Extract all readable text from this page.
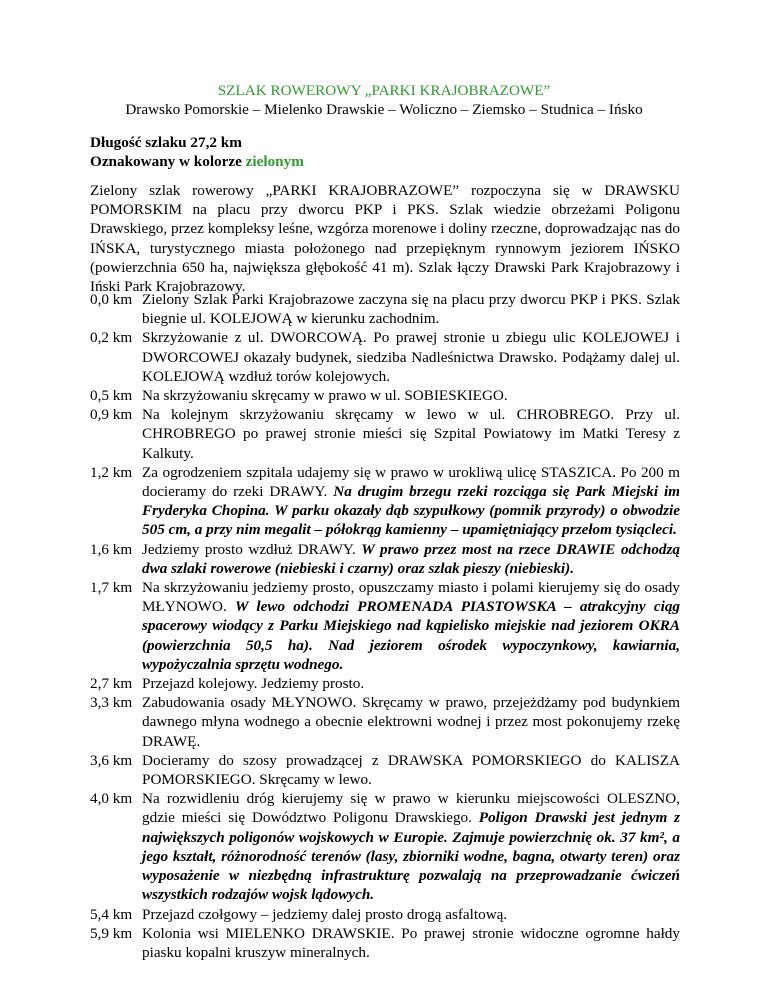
SZLAK ROWEROWY „PARKI KRAJOBRAZOWE”

Drawsko Pomorskie – Mielenko Drawskie – Woliczno – Ziemsko – Studnica – Ińsko

Długość szlaku 27,2 km
Oznakowany w kolorze zielonym

Zielony szlak rowerowy „PARKI KRAJOBRAZOWE” rozpoczyna się w DRAWSKU POMORSKIM na placu przy dworcu PKP i PKS. Szlak wiedzie obrzeżami Poligonu Drawskiego, przez kompleksy leśne, wzgórza morenowe i doliny rzeczne, doprowadzając nas do IŃSKA, turystycznego miasta położonego nad przepięknym rynnowym jeziorem IŃSKO (powierzchnia 650 ha, największa głębokość 41 m). Szlak łączy Drawski Park Krajobrazowy i Iński Park Krajobrazowy.

0,0 km Zielony Szlak Parki Krajobrazowe zaczyna się na placu przy dworcu PKP i PKS. Szlak biegnie ul. KOLEJOWĄ w kierunku zachodnim.
0,2 km Skrzyżowanie z ul. DWORCOWĄ. Po prawej stronie u zbiegu ulic KOLEJOWEJ i DWORCOWEJ okazały budynek, siedziba Nadleśnictwa Drawsko. Podążamy dalej ul. KOLEJOWĄ wzdłuż torów kolejowych.
0,5 km Na skrzyżowaniu skręcamy w prawo w ul. SOBIESKIEGO.
0,9 km Na kolejnym skrzyżowaniu skręcamy w lewo w ul. CHROBREGO. Przy ul. CHROBREGO po prawej stronie mieści się Szpital Powiatowy im Matki Teresy z Kalkuty.
1,2 km Za ogrodzeniem szpitala udajemy się w prawo w urokliwą ulicę STASZICA. Po 200 m docieramy do rzeki DRAWY. Na drugim brzegu rzeki rozciąga się Park Miejski im Fryderyka Chopina. W parku okazały dąb szypułkowy (pomnik przyrody) o obwodzie 505 cm, a przy nim megalit – półokrąg kamienny – upamiętniający przełom tysiącleci.
1,6 km Jedziemy prosto wzdłuż DRAWY. W prawo przez most na rzece DRAWIE odchodzą dwa szlaki rowerowe (niebieski i czarny) oraz szlak pieszy (niebieski).
1,7 km Na skrzyżowaniu jedziemy prosto, opuszczamy miasto i polami kierujemy się do osady MŁYNOWO. W lewo odchodzi PROMENADA PIASTOWSKA – atrakcyjny ciąg spacerowy wiodący z Parku Miejskiego nad kąpielisko miejskie nad jeziorem OKRA (powierzchnia 50,5 ha). Nad jeziorem ośrodek wypoczynkowy, kawiarnia, wypożyczalnia sprzętu wodnego.
2,7 km Przejazd kolejowy. Jedziemy prosto.
3,3 km Zabudowania osady MŁYNOWO. Skręcamy w prawo, przejeżdżamy pod budynkiem dawnego młyna wodnego a obecnie elektrowni wodnej i przez most pokonujemy rzekę DRAWĘ.
3,6 km Docieramy do szosy prowadzącej z DRAWSKA POMORSKIEGO do KALISZA POMORSKIEGO. Skręcamy w lewo.
4,0 km Na rozwidleniu dróg kierujemy się w prawo w kierunku miejscowości OLESZNO, gdzie mieści się Dowództwo Poligonu Drawskiego. Poligon Drawski jest jednym z największych poligonów wojskowych w Europie. Zajmuje powierzchnię ok. 37 km², a jego kształt, różnorodność terenów (lasy, zbiorniki wodne, bagna, otwarty teren) oraz wyposażenie w niezbędną infrastrukturę pozwalają na przeprowadzanie ćwiczeń wszystkich rodzajów wojsk lądowych.
5,4 km Przejazd czołgowy – jedziemy dalej prosto drogą asfaltową.
5,9 km Kolonia wsi MIELENKO DRAWSKIE. Po prawej stronie widoczne ogromne hałdy piasku kopalni kruszyw mineralnych.
